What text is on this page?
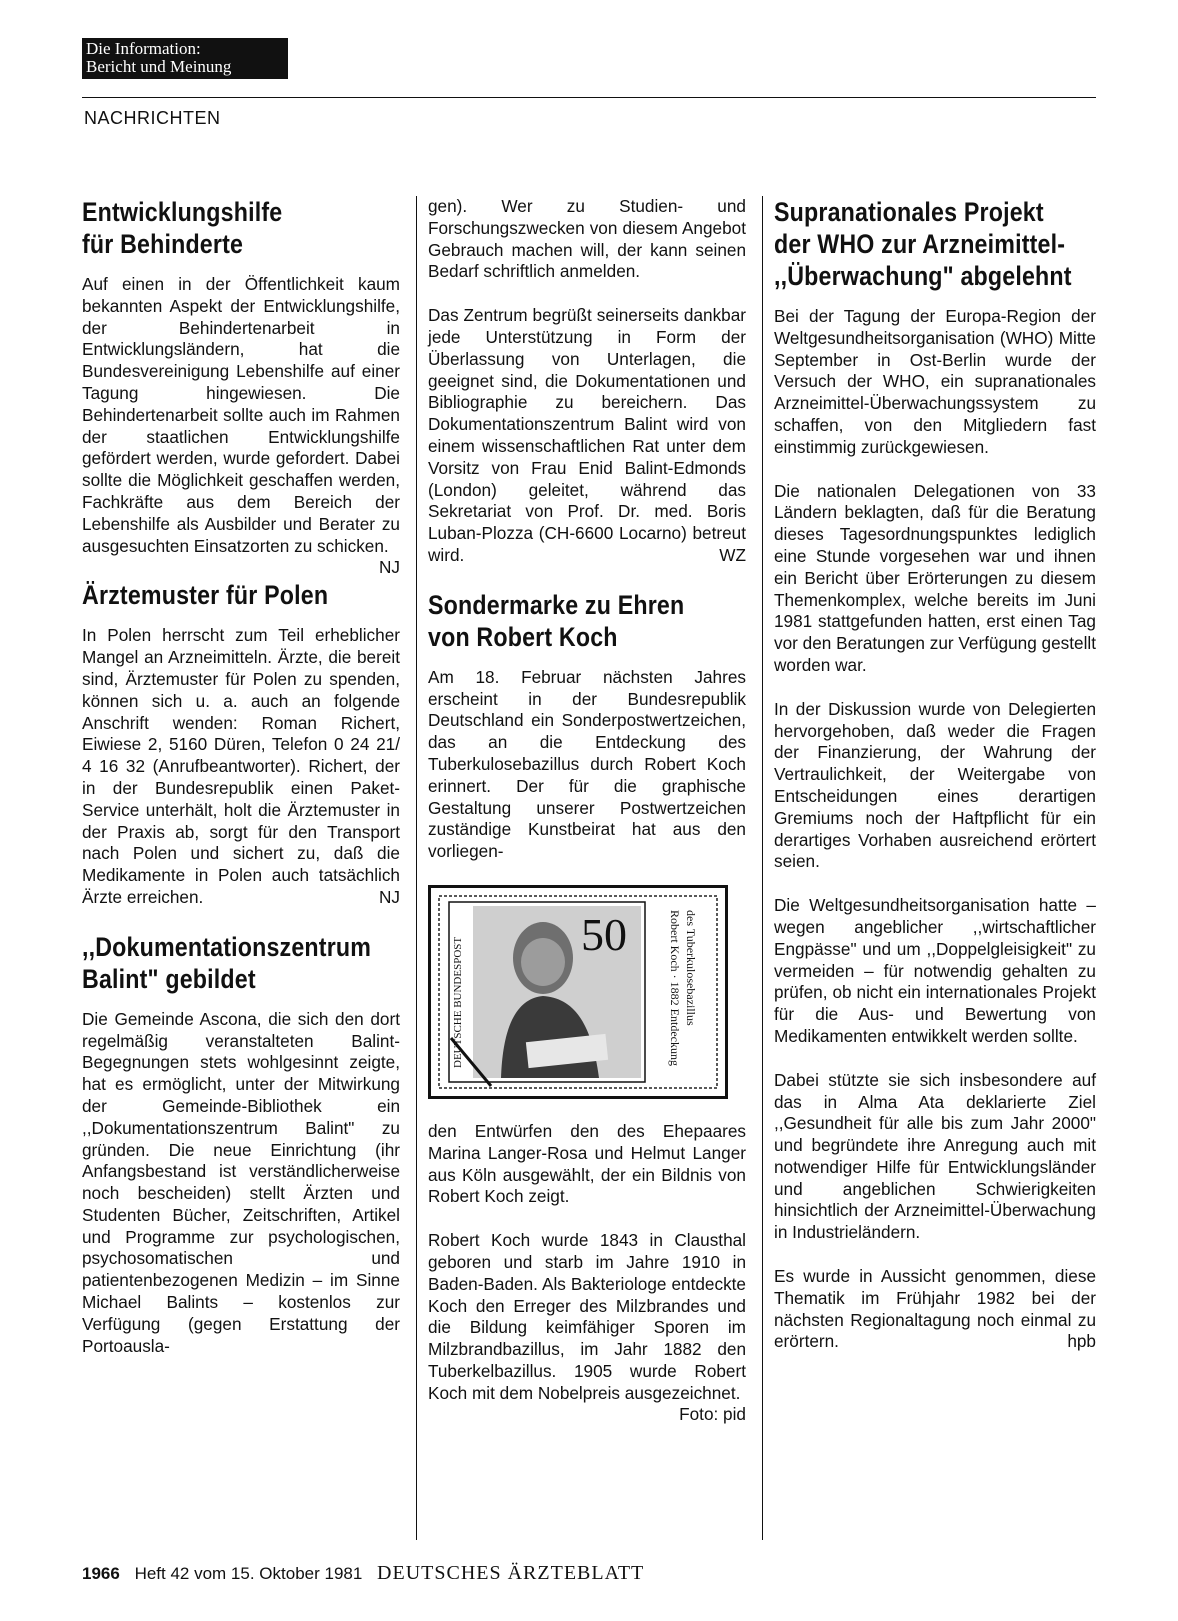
Die Information:
Bericht und Meinung
NACHRICHTEN
Entwicklungshilfe
für Behinderte

Auf einen in der Öffentlichkeit kaum bekannten Aspekt der Entwicklungshilfe, der Behindertenarbeit in Entwicklungsländern, hat die Bundesvereinigung Lebenshilfe auf einer Tagung hingewiesen. Die Behindertenarbeit sollte auch im Rahmen der staatlichen Entwicklungshilfe gefördert werden, wurde gefordert. Dabei sollte die Möglichkeit geschaffen werden, Fachkräfte aus dem Bereich der Lebenshilfe als Ausbilder und Berater zu ausgesuchten Einsatzorten zu schicken.
NJ

Ärztemuster für Polen

In Polen herrscht zum Teil erheblicher Mangel an Arzneimitteln. Ärzte, die bereit sind, Ärztemuster für Polen zu spenden, können sich u. a. auch an folgende Anschrift wenden: Roman Richert, Eiwiese 2, 5160 Düren, Telefon 0 24 21/ 4 16 32 (Anrufbeantworter). Richert, der in der Bundesrepublik einen Paket-Service unterhält, holt die Ärztemuster in der Praxis ab, sorgt für den Transport nach Polen und sichert zu, daß die Medikamente in Polen auch tatsächlich Ärzte erreichen.	NJ

,,Dokumentationszentrum
Balint" gebildet

Die Gemeinde Ascona, die sich den dort regelmäßig veranstalteten Balint-Begegnungen stets wohlgesinnt zeigte, hat es ermöglicht, unter der Mitwirkung der Gemeinde-Bibliothek ein ,,Dokumentationszentrum Balint" zu gründen. Die neue Einrichtung (ihr Anfangsbestand ist verständlicherweise noch bescheiden) stellt Ärzten und Studenten Bücher, Zeitschriften, Artikel und Programme zur psychologischen, psychosomatischen und patientenbezogenen Medizin – im Sinne Michael Balints – kostenlos zur Verfügung (gegen Erstattung der Portoausla-

gen). Wer zu Studien- und Forschungszwecken von diesem Angebot Gebrauch machen will, der kann seinen Bedarf schriftlich anmelden.

Das Zentrum begrüßt seinerseits dankbar jede Unterstützung in Form der Überlassung von Unterlagen, die geeignet sind, die Dokumentationen und Bibliographie zu bereichern. Das Dokumentationszentrum Balint wird von einem wissenschaftlichen Rat unter dem Vorsitz von Frau Enid Balint-Edmonds (London) geleitet, während das Sekretariat von Prof. Dr. med. Boris Luban-Plozza (CH-6600 Locarno) betreut wird.	WZ

Sondermarke zu Ehren
von Robert Koch

Am 18. Februar nächsten Jahres erscheint in der Bundesrepublik Deutschland ein Sonderpostwertzeichen, das an die Entdeckung des Tuberkulosebazillus durch Robert Koch erinnert. Der für die graphische Gestaltung unserer Postwertzeichen zuständige Kunstbeirat hat aus den vorliegen-

DEUTSCHE BUNDESPOST
50	Robert Koch · 1882 Entdeckung des Tuberkulosebazillus

den Entwürfen den des Ehepaares Marina Langer-Rosa und Helmut Langer aus Köln ausgewählt, der ein Bildnis von Robert Koch zeigt.

Robert Koch wurde 1843 in Clausthal geboren und starb im Jahre 1910 in Baden-Baden. Als Bakteriologe entdeckte Koch den Erreger des Milzbrandes und die Bildung keimfähiger Sporen im Milzbrandbazillus, im Jahr 1882 den Tuberkelbazillus. 1905 wurde Robert Koch mit dem Nobelpreis ausgezeichnet.
Foto: pid

Supranationales Projekt
der WHO zur Arzneimittel-
,,Überwachung" abgelehnt

Bei der Tagung der Europa-Region der Weltgesundheitsorganisation (WHO) Mitte September in Ost-Berlin wurde der Versuch der WHO, ein supranationales Arzneimittel-Überwachungssystem zu schaffen, von den Mitgliedern fast einstimmig zurückgewiesen.

Die nationalen Delegationen von 33 Ländern beklagten, daß für die Beratung dieses Tagesordnungspunktes lediglich eine Stunde vorgesehen war und ihnen ein Bericht über Erörterungen zu diesem Themenkomplex, welche bereits im Juni 1981 stattgefunden hatten, erst einen Tag vor den Beratungen zur Verfügung gestellt worden war.

In der Diskussion wurde von Delegierten hervorgehoben, daß weder die Fragen der Finanzierung, der Wahrung der Vertraulichkeit, der Weitergabe von Entscheidungen eines derartigen Gremiums noch der Haftpflicht für ein derartiges Vorhaben ausreichend erörtert seien.

Die Weltgesundheitsorganisation hatte – wegen angeblicher ,,wirtschaftlicher Engpässe" und um ,,Doppelgleisigkeit" zu vermeiden – für notwendig gehalten zu prüfen, ob nicht ein internationales Projekt für die Aus- und Bewertung von Medikamenten entwikkelt werden sollte.

Dabei stützte sie sich insbesondere auf das in Alma Ata deklarierte Ziel ,,Gesundheit für alle bis zum Jahr 2000" und begründete ihre Anregung auch mit notwendiger Hilfe für Entwicklungsländer und angeblichen Schwierigkeiten hinsichtlich der Arzneimittel-Überwachung in Industrieländern.

Es wurde in Aussicht genommen, diese Thematik im Frühjahr 1982 bei der nächsten Regionaltagung noch einmal zu erörtern.	hpb

1966 Heft 42 vom 15. Oktober 1981 DEUTSCHES ÄRZTEBLATT
